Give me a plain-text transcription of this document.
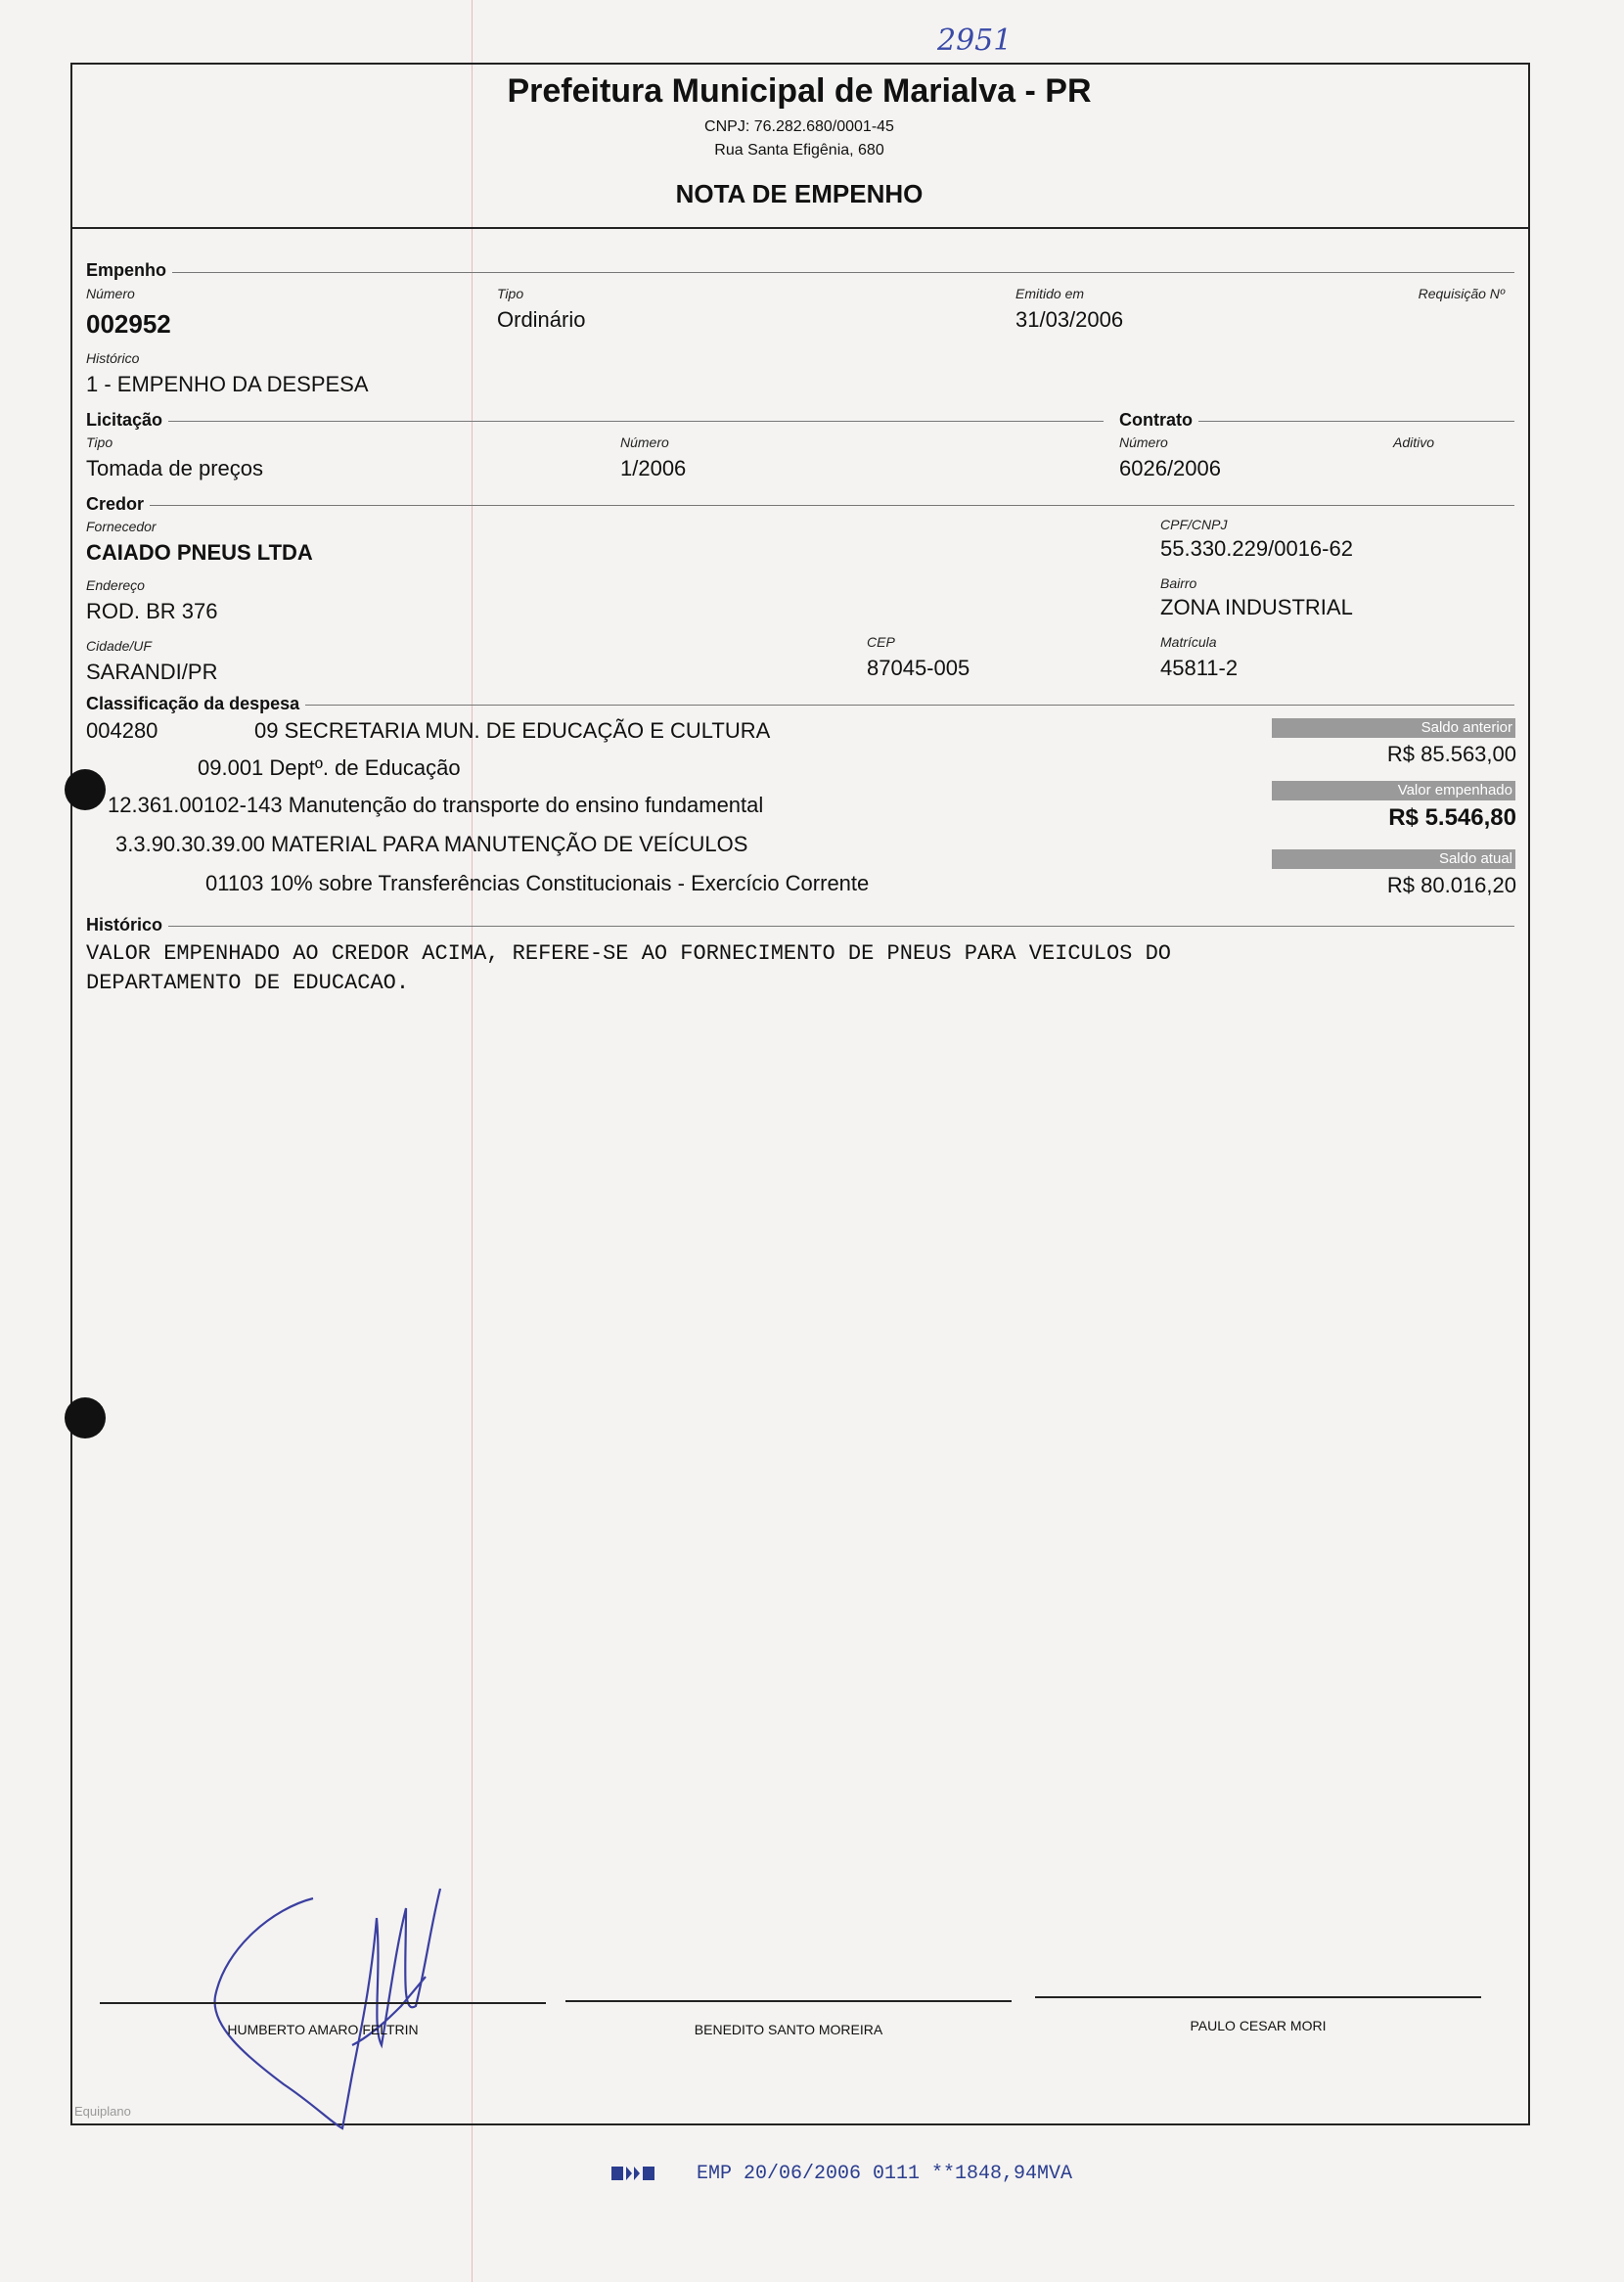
2951
Prefeitura Municipal de Marialva - PR
CNPJ: 76.282.680/0001-45
Rua Santa Efigênia, 680
NOTA DE EMPENHO
Empenho
Número
002952
Tipo
Ordinário
Emitido em
31/03/2006
Requisição Nº
Histórico
1 - EMPENHO DA DESPESA
Licitação
Tipo
Tomada de preços
Número
1/2006
Contrato
Número
6026/2006
Aditivo
Credor
Fornecedor
CAIADO PNEUS LTDA
CPF/CNPJ
55.330.229/0016-62
Endereço
ROD. BR 376
Bairro
ZONA INDUSTRIAL
Cidade/UF
SARANDI/PR
CEP
87045-005
Matrícula
45811-2
Classificação da despesa
004280	09 SECRETARIA MUN. DE EDUCAÇÃO E CULTURA
09.001 Deptº. de Educação
12.361.00102-143 Manutenção do transporte do ensino fundamental
3.3.90.30.39.00 MATERIAL PARA MANUTENÇÃO DE VEÍCULOS
01103 10% sobre Transferências Constitucionais - Exercício Corrente
Saldo anterior
R$ 85.563,00
Valor empenhado
R$ 5.546,80
Saldo atual
R$ 80.016,20
Histórico
VALOR EMPENHADO AO CREDOR ACIMA, REFERE-SE AO FORNECIMENTO DE PNEUS PARA VEICULOS DO
DEPARTAMENTO DE EDUCACAO.
HUMBERTO AMARO FELTRIN	BENEDITO SANTO MOREIRA	PAULO CESAR MORI
Equiplano
EMP 20/06/2006 0111 **1848,94MVA
